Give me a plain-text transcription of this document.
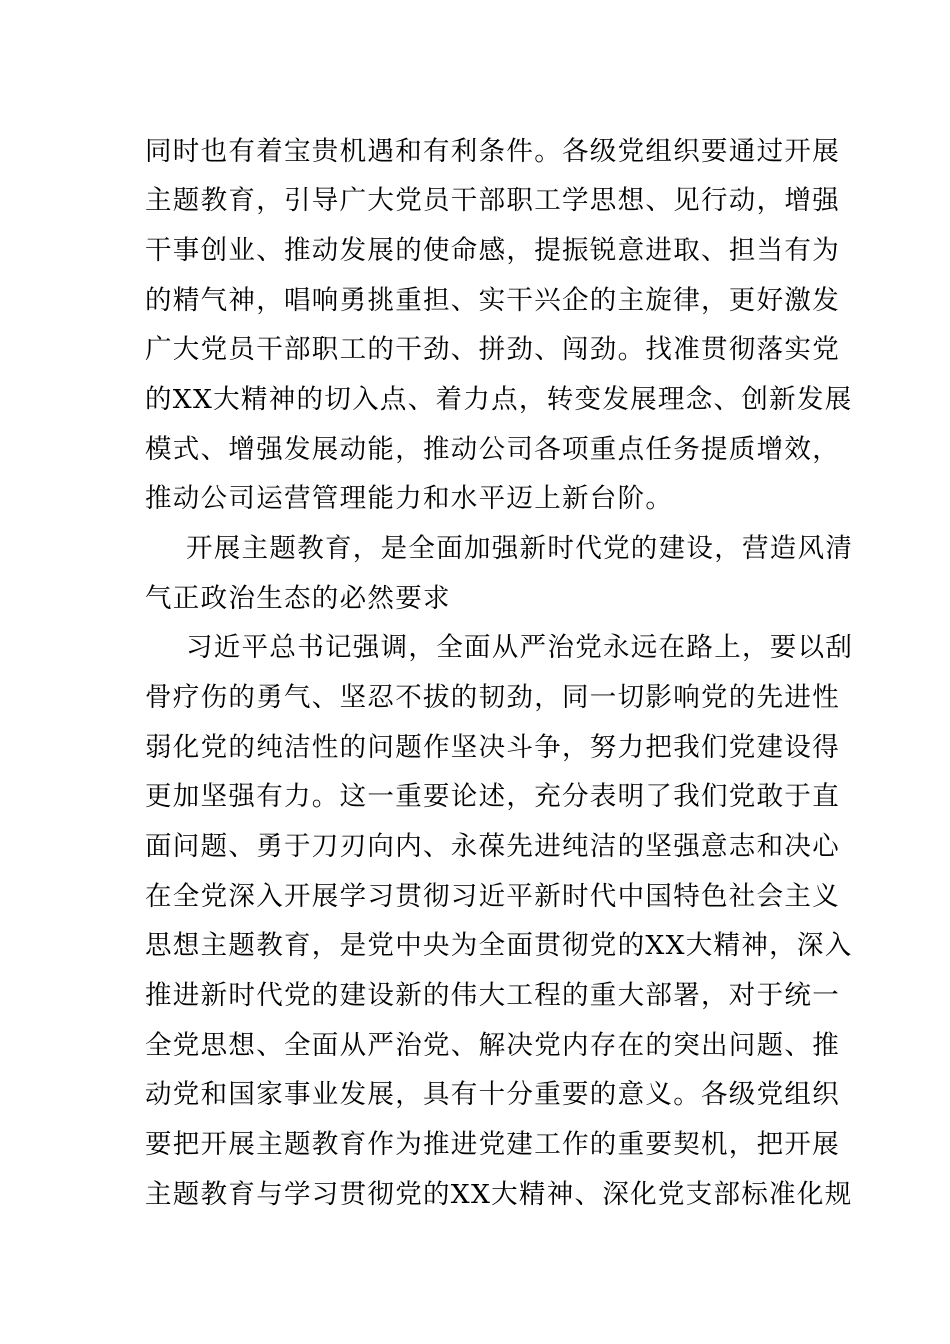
同时也有着宝贵机遇和有利条件。各级党组织要通过开展
主题教育，引导广大党员干部职工学思想、见行动，增强
干事创业、推动发展的使命感，提振锐意进取、担当有为
的精气神，唱响勇挑重担、实干兴企的主旋律，更好激发
广大党员干部职工的干劲、拼劲、闯劲。找准贯彻落实党
的XX大精神的切入点、着力点，转变发展理念、创新发展
模式、增强发展动能，推动公司各项重点任务提质增效，
推动公司运营管理能力和水平迈上新台阶。
开展主题教育，是全面加强新时代党的建设，营造风清
气正政治生态的必然要求
习近平总书记强调，全面从严治党永远在路上，要以刮
骨疗伤的勇气、坚忍不拔的韧劲，同一切影响党的先进性
弱化党的纯洁性的问题作坚决斗争，努力把我们党建设得
更加坚强有力。这一重要论述，充分表明了我们党敢于直
面问题、勇于刀刃向内、永葆先进纯洁的坚强意志和决心
在全党深入开展学习贯彻习近平新时代中国特色社会主义
思想主题教育，是党中央为全面贯彻党的XX大精神，深入
推进新时代党的建设新的伟大工程的重大部署，对于统一
全党思想、全面从严治党、解决党内存在的突出问题、推
动党和国家事业发展，具有十分重要的意义。各级党组织
要把开展主题教育作为推进党建工作的重要契机，把开展
主题教育与学习贯彻党的XX大精神、深化党支部标准化规
